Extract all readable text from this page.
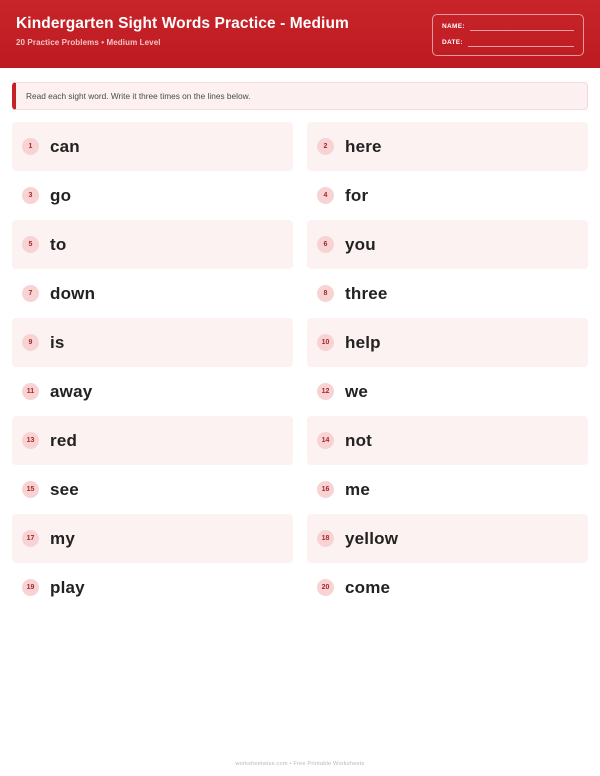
Kindergarten Sight Words Practice - Medium

20 Practice Problems • Medium Level

NAME:
DATE:
Read each sight word. Write it three times on the lines below.
1	can
3	go
5	to
7	down
9	is
11 away
13 red
15 see
17 my
19 play
2	here
4	for
6	you
8	three
10 help
12 we
14 not
16 me
18 yellow
20 come
worksheetwise.com • Free Printable Worksheets
